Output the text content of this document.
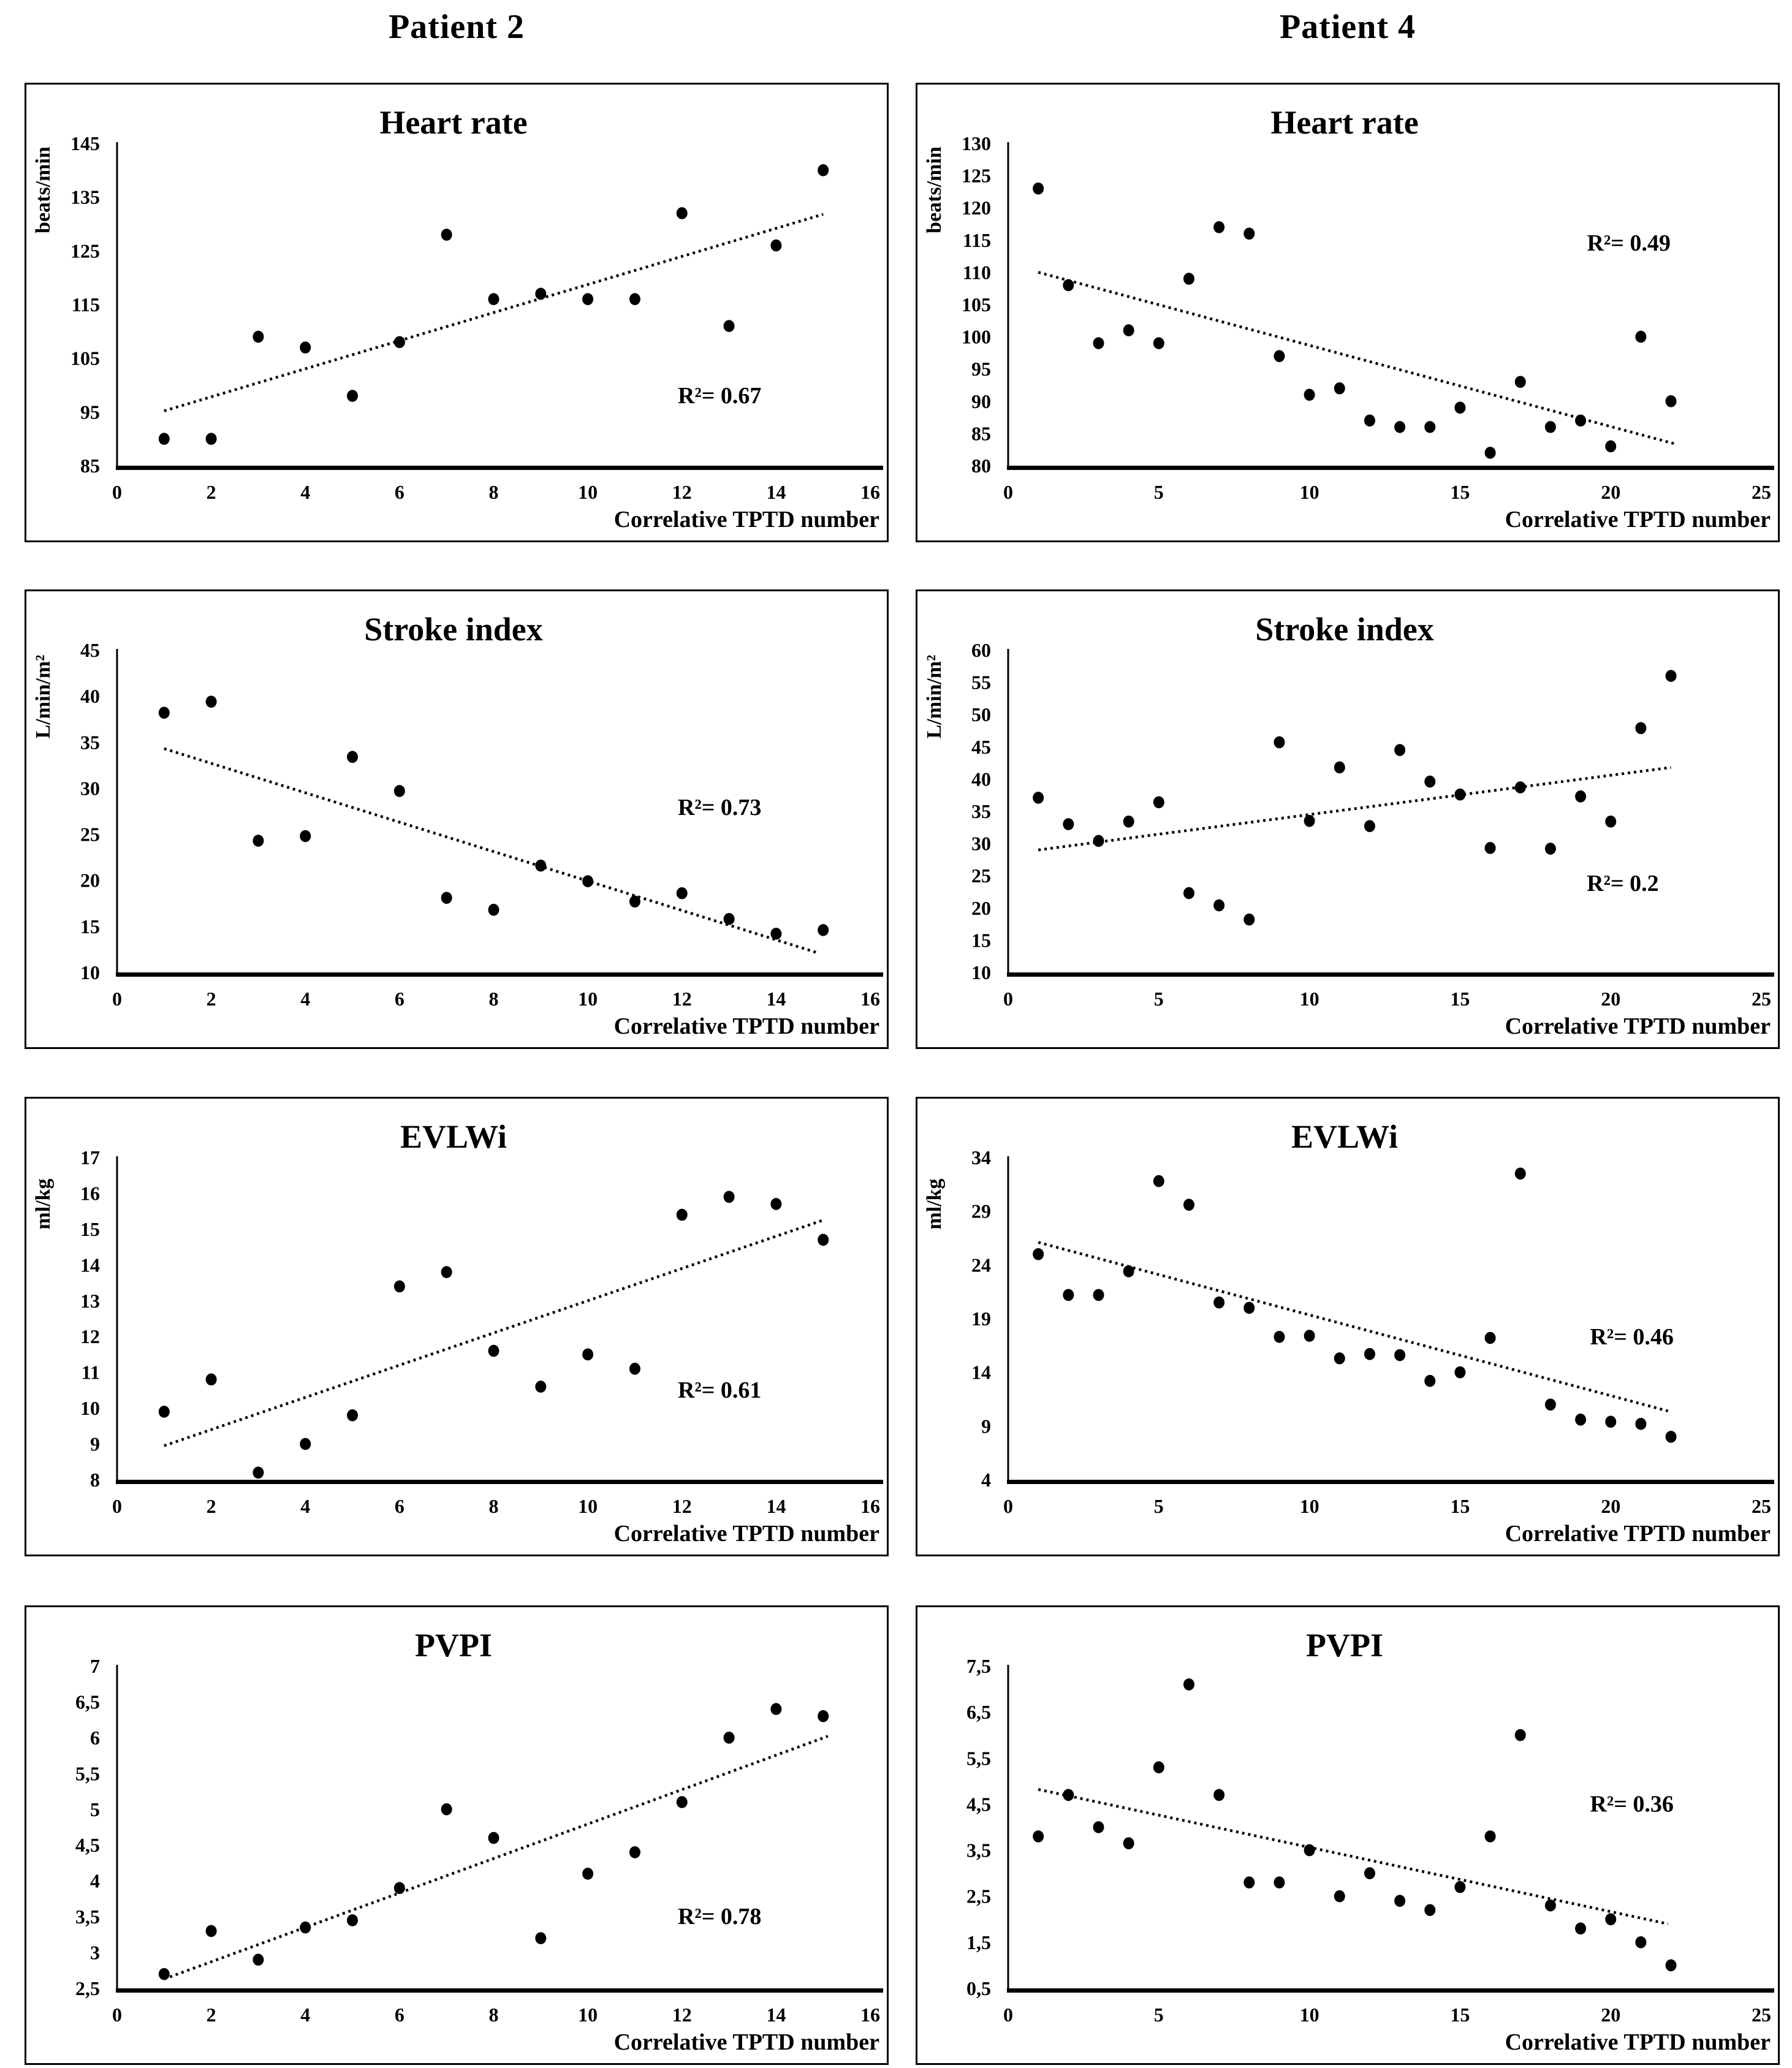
Patient 2	Patient 4
Heart rate
beats/min
85
95
105
115
125
135
145
0	2	4	6	8	10	12	14	16
R²= 0.67
Correlative TPTD number
Heart rate
beats/min
80
85
90
95
100
105
110
115
120
125
130
0	5	10	15	20	25
R²= 0.49
Correlative TPTD number
Stroke index
L/min/m²
10
15
20
25
30
35
40
45
0	2	4	6	8	10	12	14	16
R²= 0.73
Correlative TPTD number
Stroke index
L/min/m²
10
15
20
25
30
35
40
45
50
55
60
0	5	10	15	20	25
R²= 0.2
Correlative TPTD number
EVLWi
ml/kg
8
9
10
11
12
13
14
15
16
17
0	2	4	6	8	10	12	14	16
R²= 0.61
Correlative TPTD number
EVLWi
ml/kg
4
9
14
19
24
29
34
0	5	10	15	20	25
R²= 0.46
Correlative TPTD number
PVPI
2,5
3
3,5
4
4,5
5
5,5
6
6,5
7
0	2	4	6	8	10	12	14	16
R²= 0.78
Correlative TPTD number
PVPI
0,5
1,5
2,5
3,5
4,5
5,5
6,5
7,5
0	5	10	15	20	25
R²= 0.36
Correlative TPTD number
